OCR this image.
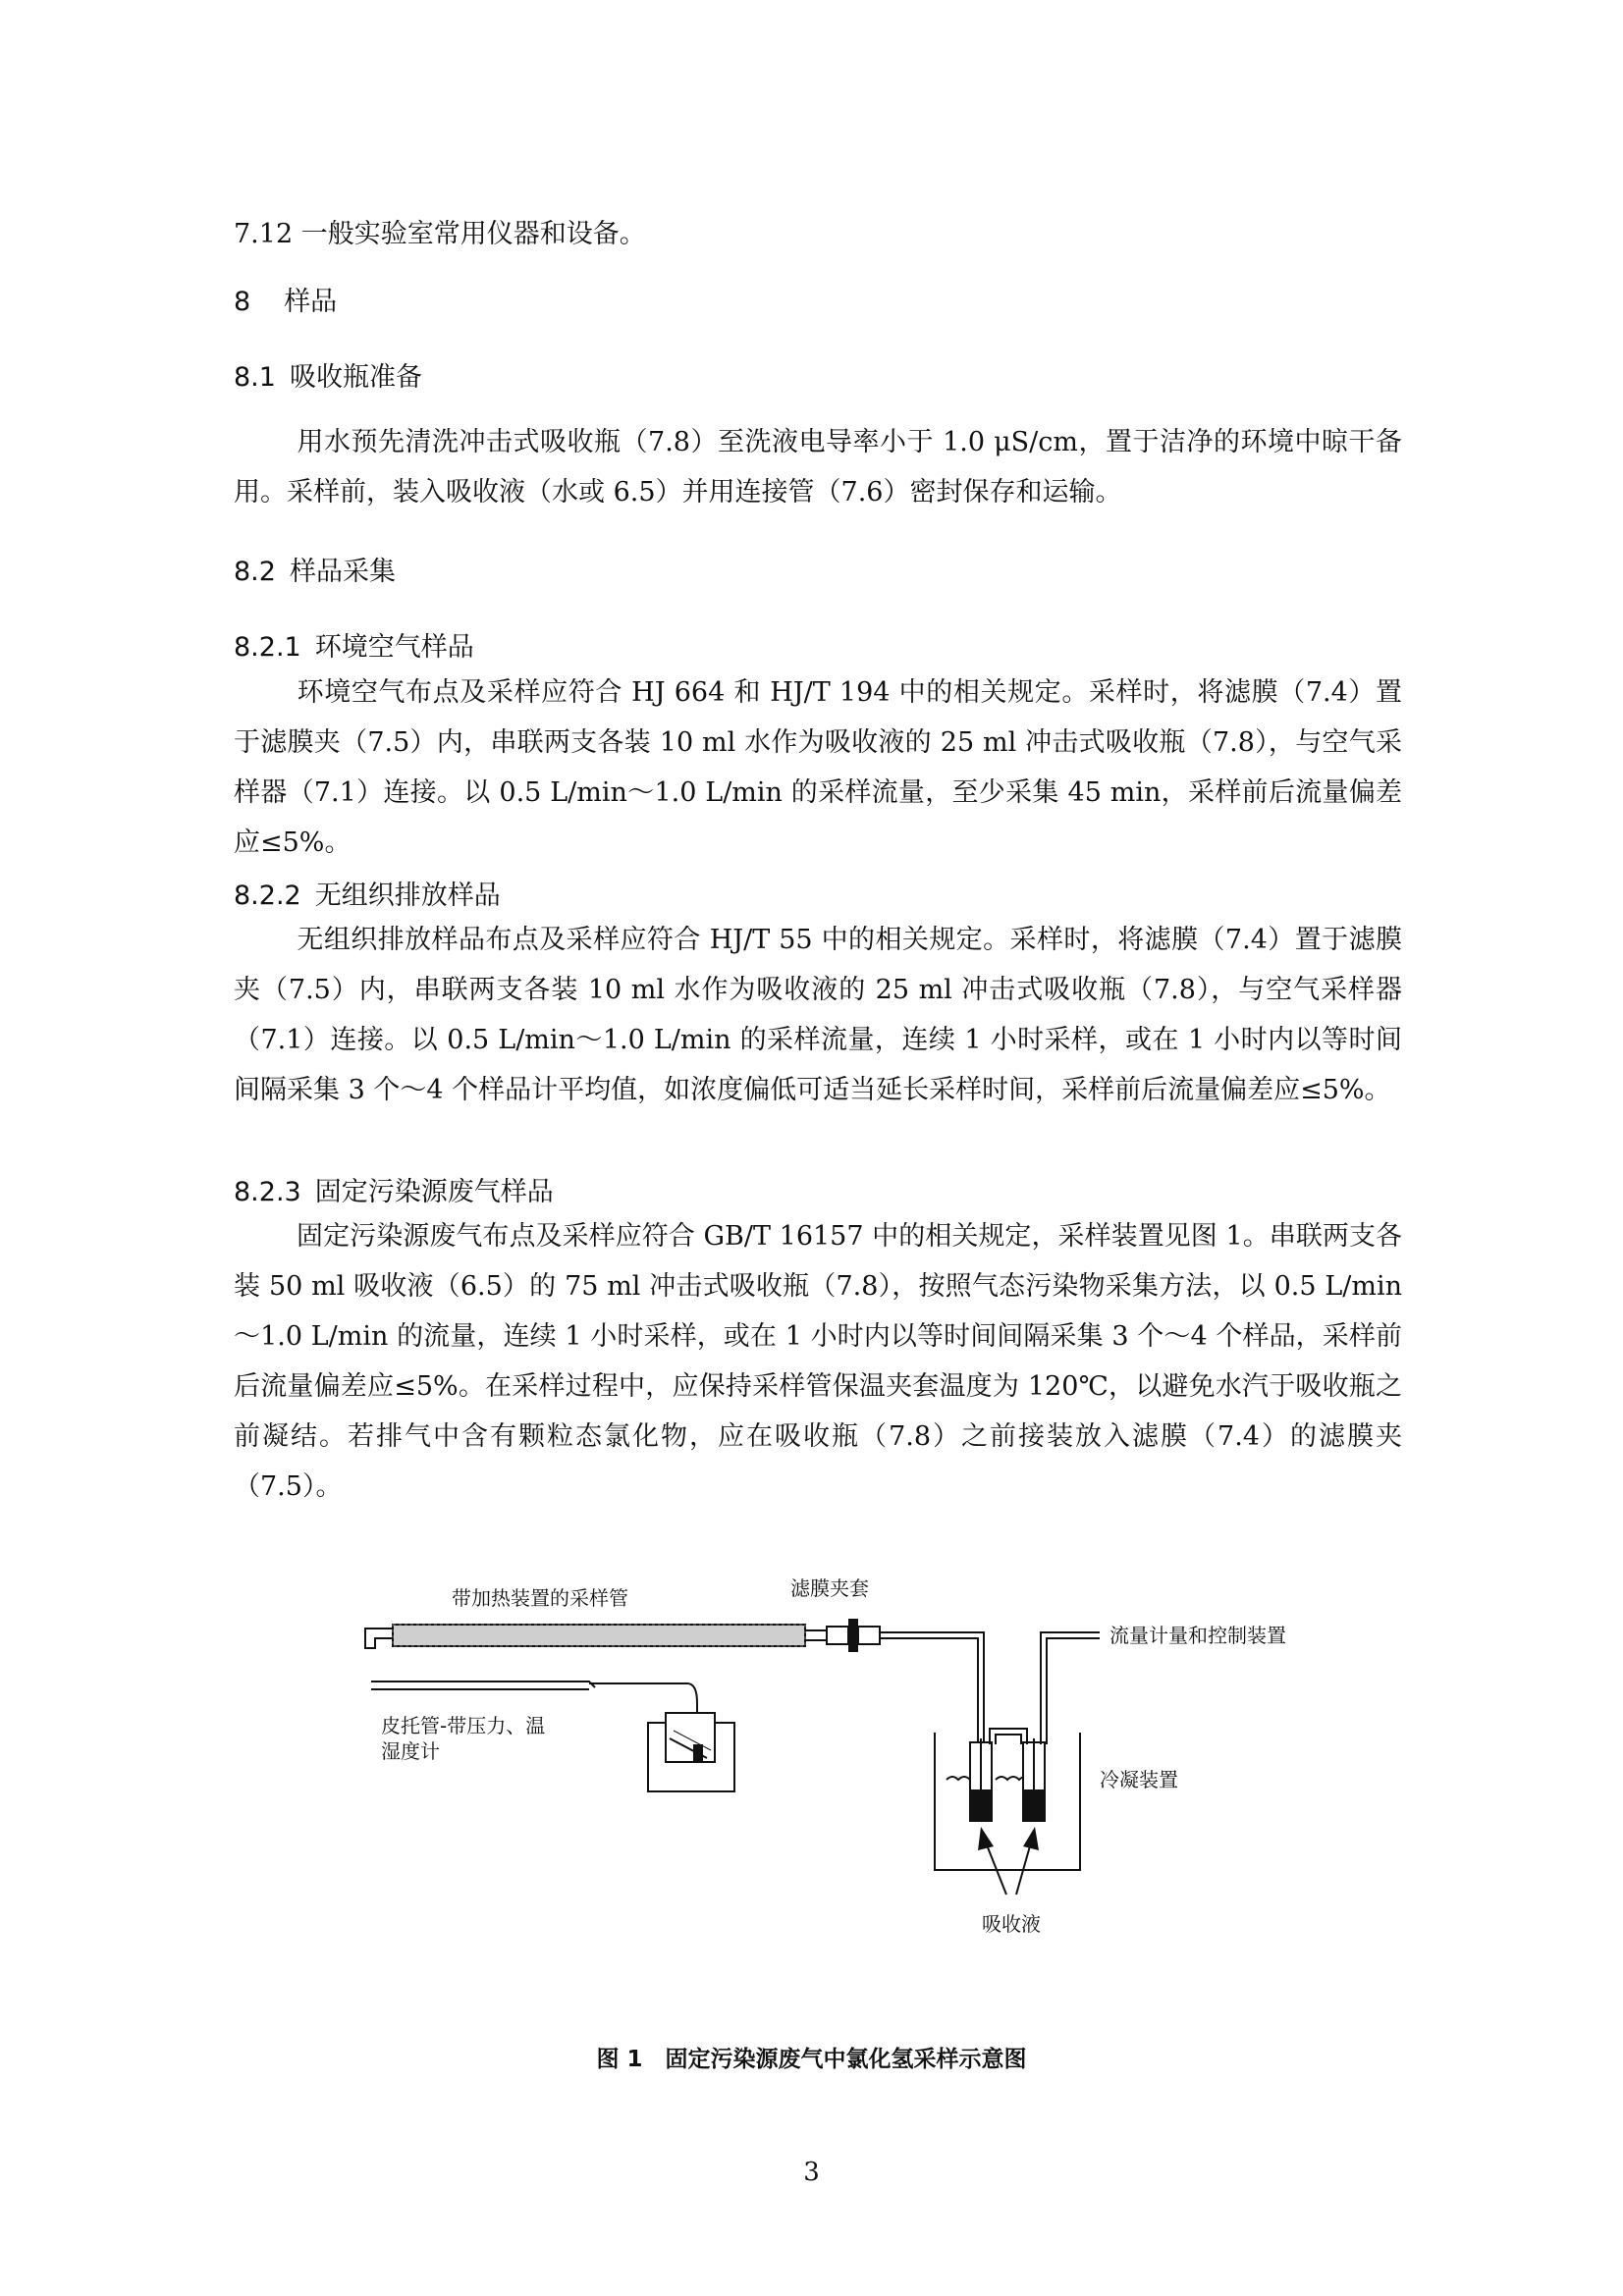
7.12 一般实验室常用仪器和设备。
8 样品
8.1 吸收瓶准备

用水预先清洗冲击式吸收瓶（7.8）至洗液电导率小于 1.0 μS/cm，置于洁净的环境中晾干备用。采样前，装入吸收液（水或 6.5）并用连接管（7.6）密封保存和运输。

8.2 样品采集
8.2.1 环境空气样品

环境空气布点及采样应符合 HJ 664 和 HJ/T 194 中的相关规定。采样时，将滤膜（7.4）置于滤膜夹（7.5）内，串联两支各装 10 ml 水作为吸收液的 25 ml 冲击式吸收瓶（7.8），与空气采样器（7.1）连接。以 0.5 L/min～1.0 L/min 的采样流量，至少采集 45 min，采样前后流量偏差应≤5%。

8.2.2 无组织排放样品

无组织排放样品布点及采样应符合 HJ/T 55 中的相关规定。采样时，将滤膜（7.4）置于滤膜夹（7.5）内，串联两支各装 10 ml 水作为吸收液的 25 ml 冲击式吸收瓶（7.8），与空气采样器（7.1）连接。以 0.5 L/min～1.0 L/min 的采样流量，连续 1 小时采样，或在 1 小时内以等时间间隔采集 3 个～4 个样品计平均值，如浓度偏低可适当延长采样时间，采样前后流量偏差应≤5%。

8.2.3 固定污染源废气样品

固定污染源废气布点及采样应符合 GB/T 16157 中的相关规定，采样装置见图 1。串联两支各装 50 ml 吸收液（6.5）的 75 ml 冲击式吸收瓶（7.8），按照气态污染物采集方法，以 0.5 L/min～1.0 L/min 的流量，连续 1 小时采样，或在 1 小时内以等时间间隔采集 3 个～4 个样品，采样前后流量偏差应≤5%。在采样过程中，应保持采样管保温夹套温度为 120℃，以避免水汽于吸收瓶之前凝结。若排气中含有颗粒态氯化物，应在吸收瓶（7.8）之前接装放入滤膜（7.4）的滤膜夹（7.5）。

带加热装置的采样管	滤膜夹套
皮托管-带压力、温
湿度计
冷凝装置
流量计量和控制装置
吸收液
图 1　固定污染源废气中氯化氢采样示意图
3
